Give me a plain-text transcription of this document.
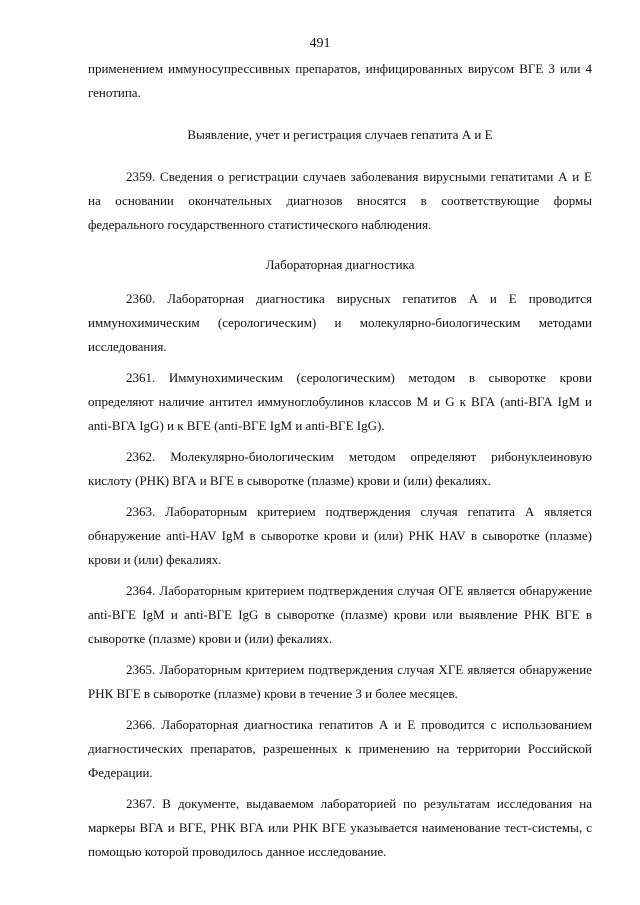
491

применением иммуносупрессивных препаратов, инфицированных вирусом ВГЕ 3 или 4 генотипа.

Выявление, учет и регистрация случаев гепатита А и Е

2359. Сведения о регистрации случаев заболевания вирусными гепатитами А и Е на основании окончательных диагнозов вносятся в соответствующие формы федерального государственного статистического наблюдения.

Лабораторная диагностика

2360. Лабораторная диагностика вирусных гепатитов А и Е проводится иммунохимическим (серологическим) и молекулярно-биологическим методами исследования.

2361. Иммунохимическим (серологическим) методом в сыворотке крови определяют наличие антител иммуноглобулинов классов М и G к ВГА (anti-ВГА IgM и anti-ВГА IgG) и к ВГЕ (anti-ВГЕ IgM и anti-ВГЕ IgG).

2362. Молекулярно-биологическим методом определяют рибонуклеиновую кислоту (РНК) ВГА и ВГЕ в сыворотке (плазме) крови и (или) фекалиях.

2363. Лабораторным критерием подтверждения случая гепатита А является обнаружение anti-HAV IgM в сыворотке крови и (или) РНК HAV в сыворотке (плазме) крови и (или) фекалиях.

2364. Лабораторным критерием подтверждения случая ОГЕ является обнаружение anti-ВГЕ IgM и anti-ВГЕ IgG в сыворотке (плазме) крови или выявление РНК ВГЕ в сыворотке (плазме) крови и (или) фекалиях.

2365. Лабораторным критерием подтверждения случая ХГЕ является обнаружение РНК ВГЕ в сыворотке (плазме) крови в течение 3 и более месяцев.

2366. Лабораторная диагностика гепатитов А и Е проводится с использованием диагностических препаратов, разрешенных к применению на территории Российской Федерации.

2367. В документе, выдаваемом лабораторией по результатам исследования на маркеры ВГА и ВГЕ, РНК ВГА или РНК ВГЕ указывается наименование тест-системы, с помощью которой проводилось данное исследование.
